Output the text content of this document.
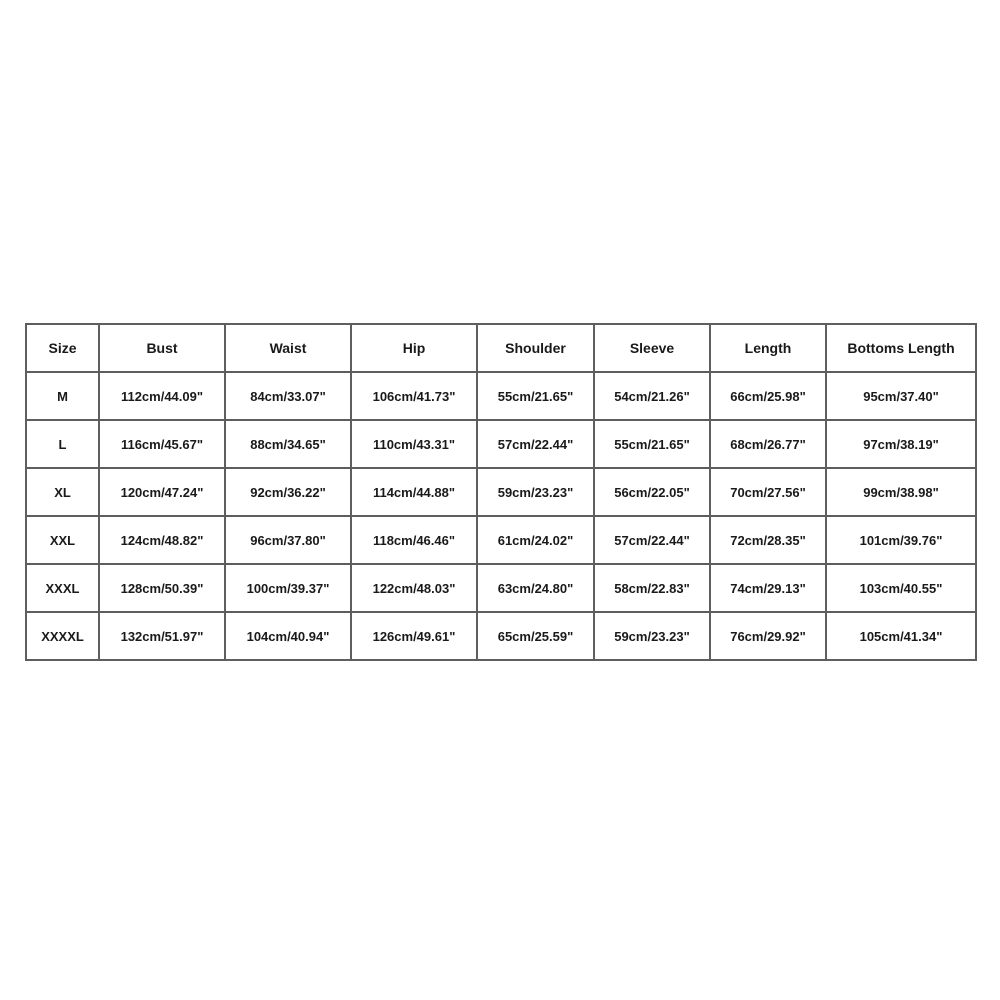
Size	Bust	Waist	Hip	Shoulder	Sleeve	Length	Bottoms Length
M	112cm/44.09"	84cm/33.07"	106cm/41.73"	55cm/21.65"	54cm/21.26"	66cm/25.98"	95cm/37.40"
L	116cm/45.67"	88cm/34.65"	110cm/43.31"	57cm/22.44"	55cm/21.65"	68cm/26.77"	97cm/38.19"
XL	120cm/47.24"	92cm/36.22"	114cm/44.88"	59cm/23.23"	56cm/22.05"	70cm/27.56"	99cm/38.98"
XXL	124cm/48.82"	96cm/37.80"	118cm/46.46"	61cm/24.02"	57cm/22.44"	72cm/28.35"	101cm/39.76"
XXXL	128cm/50.39"	100cm/39.37"	122cm/48.03"	63cm/24.80"	58cm/22.83"	74cm/29.13"	103cm/40.55"
XXXXL	132cm/51.97"	104cm/40.94"	126cm/49.61"	65cm/25.59"	59cm/23.23"	76cm/29.92"	105cm/41.34"
